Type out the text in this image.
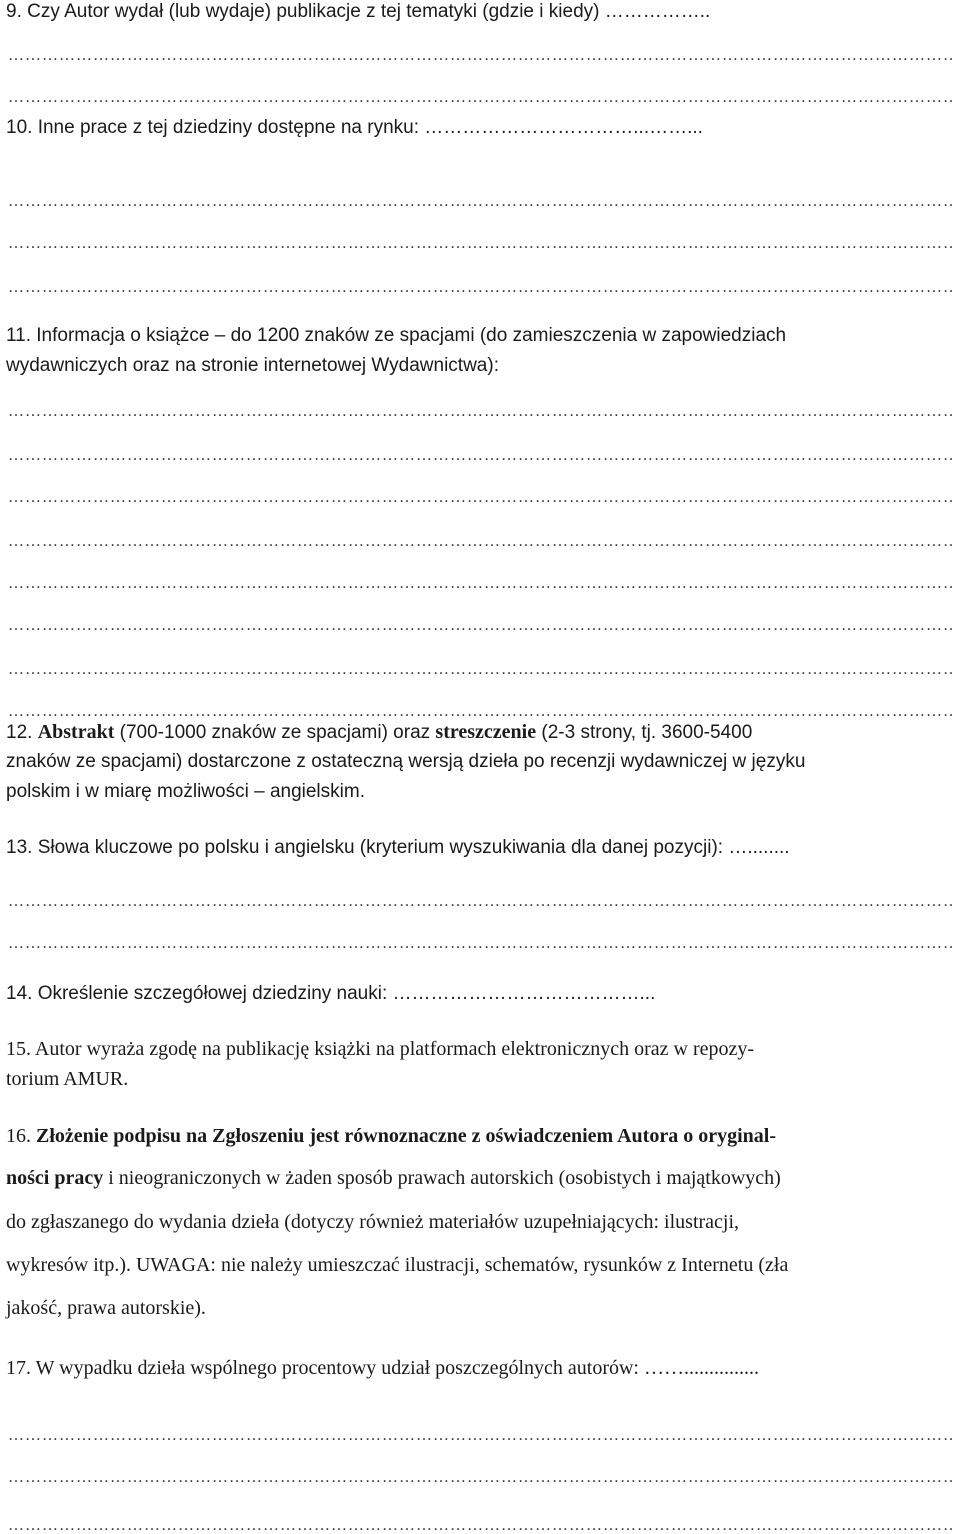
9. Czy Autor wydał (lub wydaje) publikacje z tej tematyki (gdzie i kiedy) ……………..

…………………………………………………………………………………………………………………………………………………………………………………
…………………………………………………………………………………………………………………………………………………………………………………

10. Inne prace z tej dziedziny dostępne na rynku: ……………………………...……...

…………………………………………………………………………………………………………………………………………………………………………………
…………………………………………………………………………………………………………………………………………………………………………………
…………………………………………………………………………………………………………………………………………………………………………………

11. Informacja o książce – do 1200 znaków ze spacjami (do zamieszczenia w zapowiedziach

wydawniczych oraz na stronie internetowej Wydawnictwa):

…………………………………………………………………………………………………………………………………………………………………………………
…………………………………………………………………………………………………………………………………………………………………………………
…………………………………………………………………………………………………………………………………………………………………………………
…………………………………………………………………………………………………………………………………………………………………………………
…………………………………………………………………………………………………………………………………………………………………………………
…………………………………………………………………………………………………………………………………………………………………………………
…………………………………………………………………………………………………………………………………………………………………………………
…………………………………………………………………………………………………………………………………………………………………………………

12. Abstrakt (700-1000 znaków ze spacjami) oraz streszczenie (2-3 strony, tj. 3600-5400

znaków ze spacjami) dostarczone z ostateczną wersją dzieła po recenzji wydawniczej w języku

polskim i w miarę możliwości – angielskim.

13. Słowa kluczowe po polsku i angielsku (kryterium wyszukiwania dla danej pozycji): …........

…………………………………………………………………………………………………………………………………………………………………………………
…………………………………………………………………………………………………………………………………………………………………………………

14. Określenie szczegółowej dziedziny nauki: …………………………………...

15. Autor wyraża zgodę na publikację książki na platformach elektronicznych oraz w repozy-

torium AMUR.

16. Złożenie podpisu na Zgłoszeniu jest równoznaczne z oświadczeniem Autora o oryginal-

ności pracy i nieograniczonych w żaden sposób prawach autorskich (osobistych i majątkowych)

do zgłaszanego do wydania dzieła (dotyczy również materiałów uzupełniających: ilustracji,

wykresów itp.). UWAGA: nie należy umieszczać ilustracji, schematów, rysunków z Internetu (zła

jakość, prawa autorskie).

17. W wypadku dzieła wspólnego procentowy udział poszczególnych autorów: ……...............

…………………………………………………………………………………………………………………………………………………………………………………
…………………………………………………………………………………………………………………………………………………………………………………
…………………………………………………………………………………………………………………………………………………………………………………
